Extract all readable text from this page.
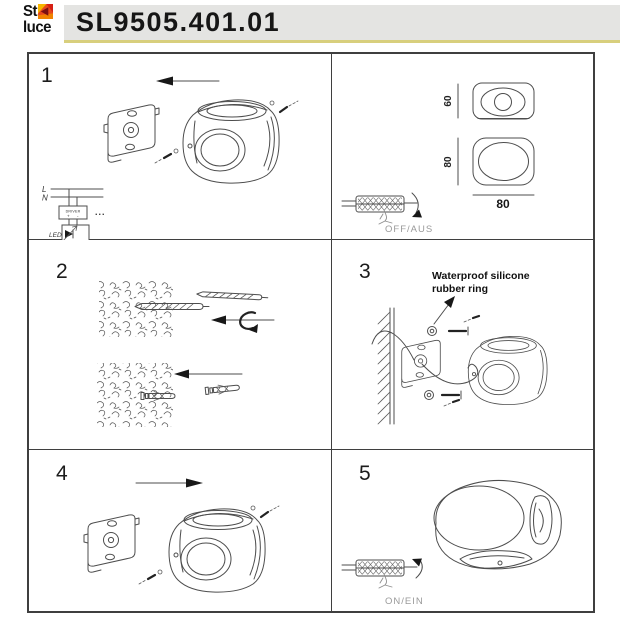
St
luce SL9505.401.01
1
L
N
DRIVER
+ -
LED
...
60
80
80
OFF/AUS
2	3	Waterproof silicone
rubber ring
4	5
ON/EIN
